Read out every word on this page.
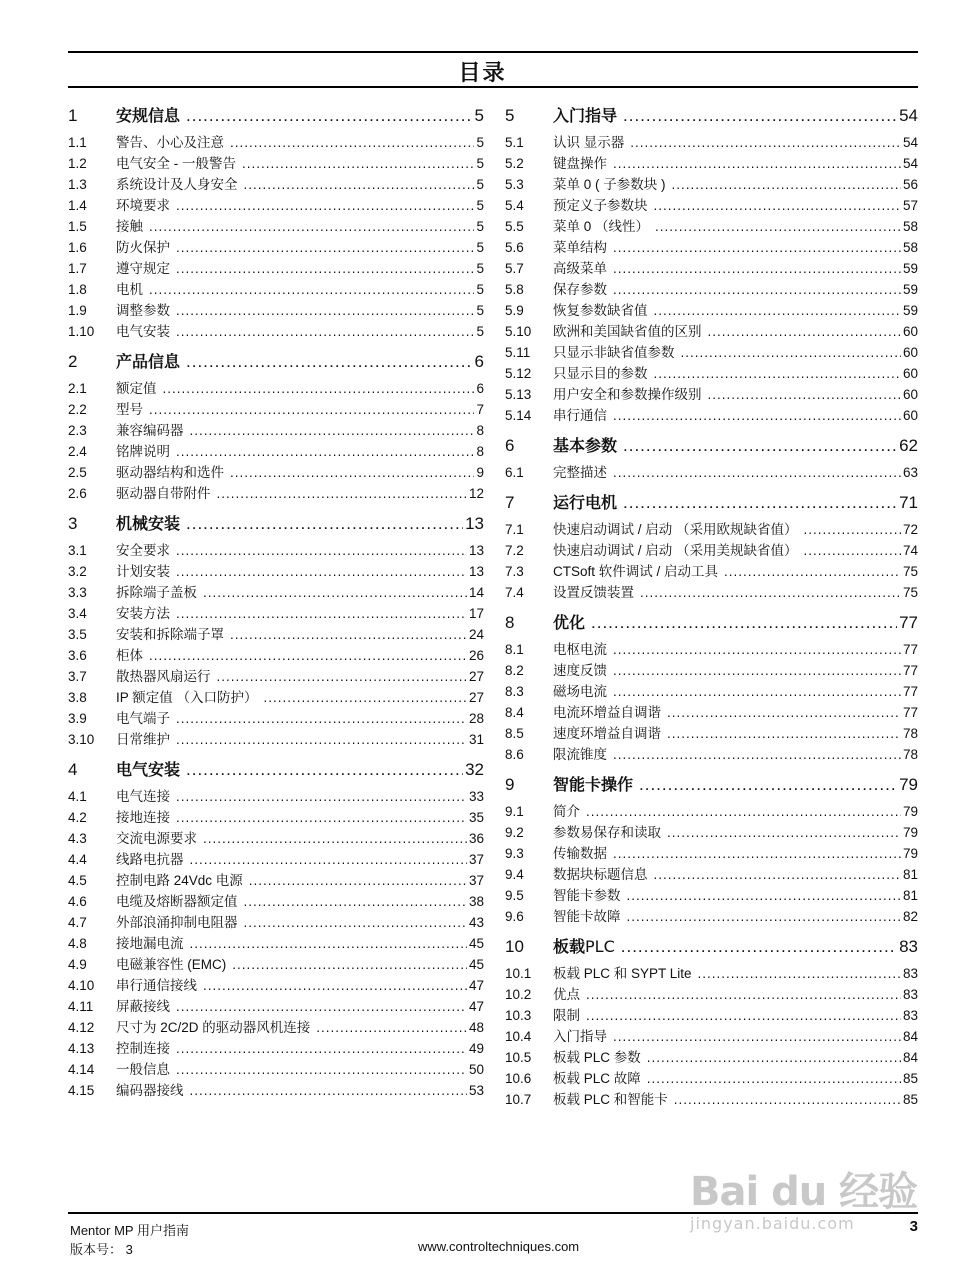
目录
1	安规信息 .....	5
1.1	警告、小心及注意 .....	5
1.2	电气安全 - 一般警告 .....	5
1.3	系统设计及人身安全 .....	5
1.4	环境要求 .....	5
1.5	接触 .....	5
1.6	防火保护 .....	5
1.7	遵守规定 .....	5
1.8	电机 .....	5
1.9	调整参数 .....	5
1.10	电气安装 .....	5
2	产品信息 .....	6
2.1	额定值 .....	6
2.2	型号 .....	7
2.3	兼容编码器 .....	8
2.4	铭牌说明 .....	8
2.5	驱动器结构和选件 .....	9
2.6	驱动器自带附件 .....	12
3	机械安装 .....	13
3.1	安全要求 .....	13
3.2	计划安装 .....	13
3.3	拆除端子盖板 .....	14
3.4	安装方法 .....	17
3.5	安装和拆除端子罩 .....	24
3.6	柜体 .....	26
3.7	散热器风扇运行 .....	27
3.8	IP 额定值 （入口防护） .....	27
3.9	电气端子 .....	28
3.10	日常维护 .....	31
4	电气安装 .....	32
4.1	电气连接 .....	33
4.2	接地连接 .....	35
4.3	交流电源要求 .....	36
4.4	线路电抗器 .....	37
4.5	控制电路 24Vdc 电源 .....	37
4.6	电缆及熔断器额定值 .....	38
4.7	外部浪涌抑制电阻器 .....	43
4.8	接地漏电流 .....	45
4.9	电磁兼容性 (EMC) .....	45
4.10	串行通信接线 .....	47
4.11	屏蔽接线 .....	47
4.12	尺寸为 2C/2D 的驱动器风机连接 .....	48
4.13	控制连接 .....	49
4.14	一般信息 .....	50
4.15	编码器接线 .....	53
5	入门指导 .....	54
5.1	认识 显示器 .....	54
5.2	键盘操作 .....	54
5.3	菜单 0 ( 子参数块 ) .....	56
5.4	预定义子参数块 .....	57
5.5	菜单 0 （线性） .....	58
5.6	菜单结构 .....	58
5.7	高级菜单 .....	59
5.8	保存参数 .....	59
5.9	恢复参数缺省值 .....	59
5.10	欧洲和美国缺省值的区别 .....	60
5.11	只显示非缺省值参数 .....	60
5.12	只显示目的参数 .....	60
5.13	用户安全和参数操作级别 .....	60
5.14	串行通信 .....	60
6	基本参数 .....	62
6.1	完整描述 .....	63
7	运行电机 .....	71
7.1	快速启动调试 / 启动 （采用欧规缺省值） .....	72
7.2	快速启动调试 / 启动 （采用美规缺省值） .....	74
7.3	CTSoft 软件调试 / 启动工具 .....	75
7.4	设置反馈装置 .....	75
8	优化 .....	77
8.1	电枢电流 .....	77
8.2	速度反馈 .....	77
8.3	磁场电流 .....	77
8.4	电流环增益自调谐 .....	77
8.5	速度环增益自调谐 .....	78
8.6	限流锥度 .....	78
9	智能卡操作 .....	79
9.1	简介 .....	79
9.2	参数易保存和读取 .....	79
9.3	传输数据 .....	79
9.4	数据块标题信息 .....	81
9.5	智能卡参数 .....	81
9.6	智能卡故障 .....	82
10	板载 PLC .....	83
10.1	板载 PLC 和 SYPT Lite .....	83
10.2	优点 .....	83
10.3	限制 .....	83
10.4	入门指导 .....	84
10.5	板载 PLC 参数 .....	84
10.6	板载 PLC 故障 .....	85
10.7	板载 PLC 和智能卡 .....	85
Mentor MP 用户指南
版本号： 3	www.controltechniques.com
3
Bai du 经验
jingyan.baidu.com
